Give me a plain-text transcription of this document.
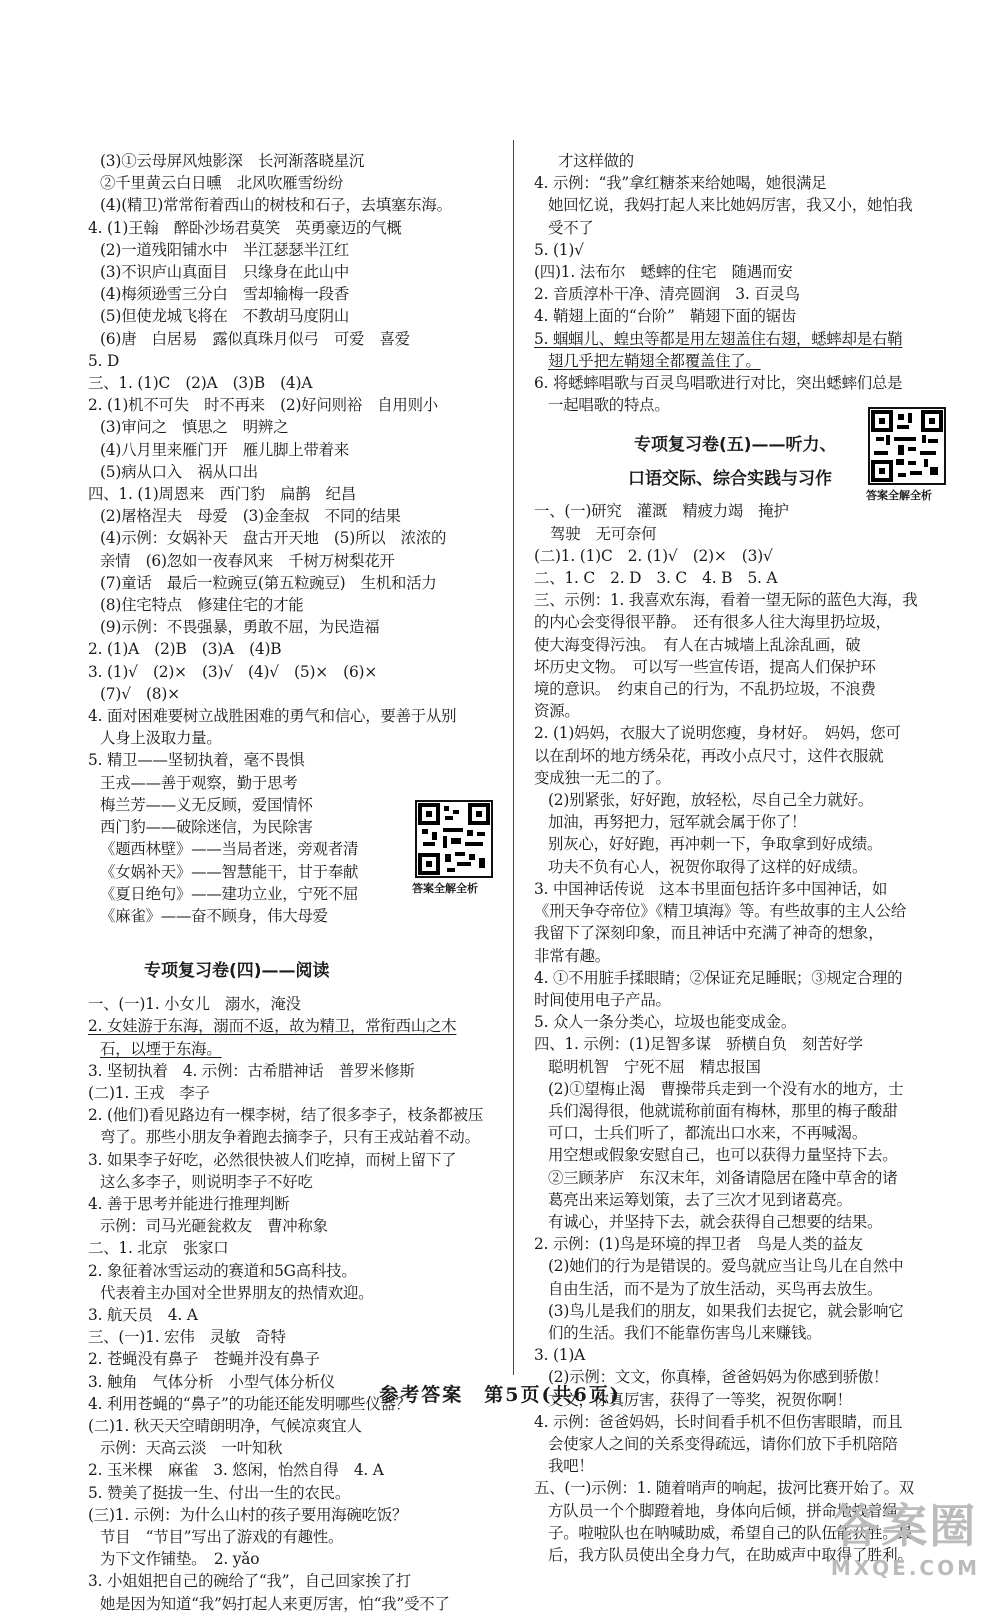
(3)①云母屏风烛影深　长河渐落晓星沉
②千里黄云白日曛　北风吹雁雪纷纷
(4)(精卫)常常衔着西山的树枝和石子，去填塞东海。
4. (1)王翰　醉卧沙场君莫笑　英勇豪迈的气概
(2)一道残阳铺水中　半江瑟瑟半江红
(3)不识庐山真面目　只缘身在此山中
(4)梅须逊雪三分白　雪却输梅一段香
(5)但使龙城飞将在　不教胡马度阴山
(6)唐　白居易　露似真珠月似弓　可爱　喜爱
5. D
三、1. (1)C　(2)A　(3)B　(4)A
2. (1)机不可失　时不再来　(2)好问则裕　自用则小
(3)审问之　慎思之　明辨之
(4)八月里来雁门开　雁儿脚上带着来
(5)病从口入　祸从口出
四、1. (1)周恩来　西门豹　扁鹊　纪昌
(2)屠格涅夫　母爱　(3)金奎叔　不同的结果
(4)示例：女娲补天　盘古开天地　(5)所以　浓浓的
亲情　(6)忽如一夜春风来　千树万树梨花开
(7)童话　最后一粒豌豆(第五粒豌豆)　生机和活力
(8)住宅特点　修建住宅的才能
(9)示例：不畏强暴，勇敢不屈，为民造福
2. (1)A　(2)B　(3)A　(4)B
3. (1)√　(2)×　(3)√　(4)√　(5)×　(6)×
(7)√　(8)×
4. 面对困难要树立战胜困难的勇气和信心，要善于从别
人身上汲取力量。
5. 精卫——坚韧执着，毫不畏惧
王戎——善于观察，勤于思考
梅兰芳——义无反顾，爱国情怀
西门豹——破除迷信，为民除害
《题西林壁》——当局者迷，旁观者清
《女娲补天》——智慧能干，甘于奉献
《夏日绝句》——建功立业，宁死不屈
《麻雀》——奋不顾身，伟大母爱
专项复习卷(四)——阅读
一、(一)1. 小女儿　溺水，淹没
2. 女娃游于东海，溺而不返，故为精卫，常衔西山之木
石，以堙于东海。
3. 坚韧执着　4. 示例：古希腊神话　普罗米修斯
(二)1. 王戎　李子
2. (他们)看见路边有一棵李树，结了很多李子，枝条都被压
弯了。那些小朋友争着跑去摘李子，只有王戎站着不动。
3. 如果李子好吃，必然很快被人们吃掉，而树上留下了
这么多李子，则说明李子不好吃
4. 善于思考并能进行推理判断
示例：司马光砸瓮救友　曹冲称象
二、1. 北京　张家口
2. 象征着冰雪运动的赛道和5G高科技。
代表着主办国对全世界朋友的热情欢迎。
3. 航天员　4. A
三、(一)1. 宏伟　灵敏　奇特
2. 苍蝇没有鼻子　苍蝇并没有鼻子
3. 触角　气体分析　小型气体分析仪
4. 利用苍蝇的“鼻子”的功能还能发明哪些仪器？
(二)1. 秋天天空晴朗明净，气候凉爽宜人
示例：天高云淡　一叶知秋
2. 玉米棵　麻雀　3. 悠闲，怡然自得　4. A
5. 赞美了挺拔一生、付出一生的农民。
(三)1. 示例：为什么山村的孩子要用海碗吃饭？
节目　“节目”写出了游戏的有趣性。
为下文作铺垫。　2. yǎo
3. 小姐姐把自己的碗给了“我”，自己回家挨了打
她是因为知道“我”妈打起人来更厉害，怕“我”受不了
才这样做的
4. 示例：“我”拿红糖茶来给她喝，她很满足
她回忆说，我妈打起人来比她妈厉害，我又小，她怕我
受不了
5. (1)√
(四)1. 法布尔　蟋蟀的住宅　随遇而安
2. 音质淳朴干净、清亮圆润　3. 百灵鸟
4. 鞘翅上面的“台阶”　鞘翅下面的锯齿
5. 蝈蝈儿、蝗虫等都是用左翅盖住右翅，蟋蟀却是右鞘
翅几乎把左鞘翅全都覆盖住了。
6. 将蟋蟀唱歌与百灵鸟唱歌进行对比，突出蟋蟀们总是
一起唱歌的特点。
专项复习卷(五)——听力、
口语交际、综合实践与习作
一、(一)研究　灌溉　精疲力竭　掩护
驾驶　无可奈何
(二)1. (1)C　2. (1)√　(2)×　(3)√
二、1. C　2. D　3. C　4. B　5. A
三、示例：1. 我喜欢东海，看着一望无际的蓝色大海，我
的内心会变得很平静。　还有很多人往大海里扔垃圾，
使大海变得污浊。　有人在古城墙上乱涂乱画，破
坏历史文物。　可以写一些宣传语，提高人们保护环
境的意识。　约束自己的行为，不乱扔垃圾，不浪费
资源。
2. (1)妈妈，衣服大了说明您瘦，身材好。　妈妈，您可
以在刮坏的地方绣朵花，再改小点尺寸，这件衣服就
变成独一无二的了。
(2)别紧张，好好跑，放轻松，尽自己全力就好。
加油，再努把力，冠军就会属于你了！
别灰心，好好跑，再冲刺一下，争取拿到好成绩。
功夫不负有心人，祝贺你取得了这样的好成绩。
3. 中国神话传说　这本书里面包括许多中国神话，如
《刑天争夺帝位》《精卫填海》等。有些故事的主人公给
我留下了深刻印象，而且神话中充满了神奇的想象，
非常有趣。
4. ①不用脏手揉眼睛；②保证充足睡眠；③规定合理的
时间使用电子产品。
5. 众人一条分类心，垃圾也能变成金。
四、1. 示例：(1)足智多谋　骄横自负　刻苦好学
聪明机智　宁死不屈　精忠报国
(2)①望梅止渴　曹操带兵走到一个没有水的地方，士
兵们渴得很，他就谎称前面有梅林，那里的梅子酸甜
可口，士兵们听了，都流出口水来，不再喊渴。
用空想或假象安慰自己，也可以获得力量坚持下去。
②三顾茅庐　东汉末年，刘备请隐居在隆中草舍的诸
葛亮出来运筹划策，去了三次才见到诸葛亮。
有诚心，并坚持下去，就会获得自己想要的结果。
2. 示例：(1)鸟是环境的捍卫者　鸟是人类的益友
(2)她们的行为是错误的。爱鸟就应当让鸟儿在自然中
自由生活，而不是为了放生活动，买鸟再去放生。
(3)鸟儿是我们的朋友，如果我们去捉它，就会影响它
们的生活。我们不能靠伤害鸟儿来赚钱。
3. (1)A
(2)示例：文文，你真棒，爸爸妈妈为你感到骄傲！
文文，你真厉害，获得了一等奖，祝贺你啊！
4. 示例：爸爸妈妈，长时间看手机不但伤害眼睛，而且
会使家人之间的关系变得疏远，请你们放下手机陪陪
我吧！
五、(一)示例：1. 随着哨声的响起，拔河比赛开始了。双
方队员一个个脚蹬着地，身体向后倾，拼命地拽着绳
子。啦啦队也在呐喊助威，希望自己的队伍能获胜。最
后，我方队员使出全身力气，在助威声中取得了胜利。
答案全解全析
答案全解全析
参考答案　第5页(共6页)
答案圈
MXQE.COM
